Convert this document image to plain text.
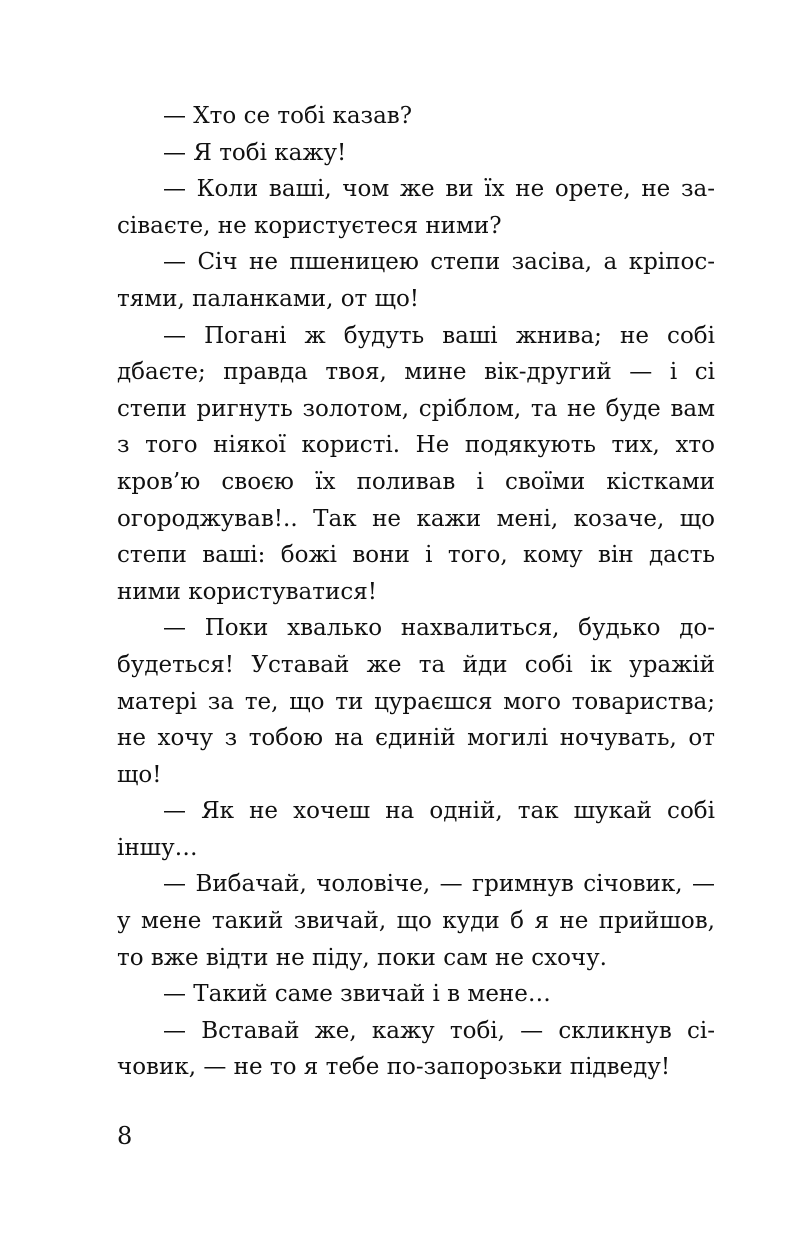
— Хто се тобі казав?

— Я тобі кажу!

— Коли ваші, чом же ви їх не орете, не засіваєте, не користуєтеся ними?

— Січ не пшеницею степи засіва, а кріпостями, паланками, от що!

— Погані ж будуть ваші жнива; не собі дбаєте; правда твоя, мине вік-другий — і сі степи ригнуть золотом, сріблом, та не буде вам з того ніякої користі. Не подякують тих, хто кров’ю своєю їх поливав і своїми кістками огороджував!.. Так не кажи мені, козаче, що степи ваші: божі вони і того, кому він дасть ними користуватися!

— Поки хвалько нахвалиться, будько добудеться! Уставай же та йди собі ік уражій матері за те, що ти цураєшся мого товариства; не хочу з тобою на єдиній могилі ночувать, от що!

— Як не хочеш на одній, так шукай собі іншу…

— Вибачай, чоловіче, — гримнув січовик, — у мене такий звичай, що куди б я не прийшов, то вже відти не піду, поки сам не схочу.

— Такий саме звичай і в мене…

— Вставай же, кажу тобі, — скликнув січовик, — не то я тебе по-запорозьки підведу!

8
